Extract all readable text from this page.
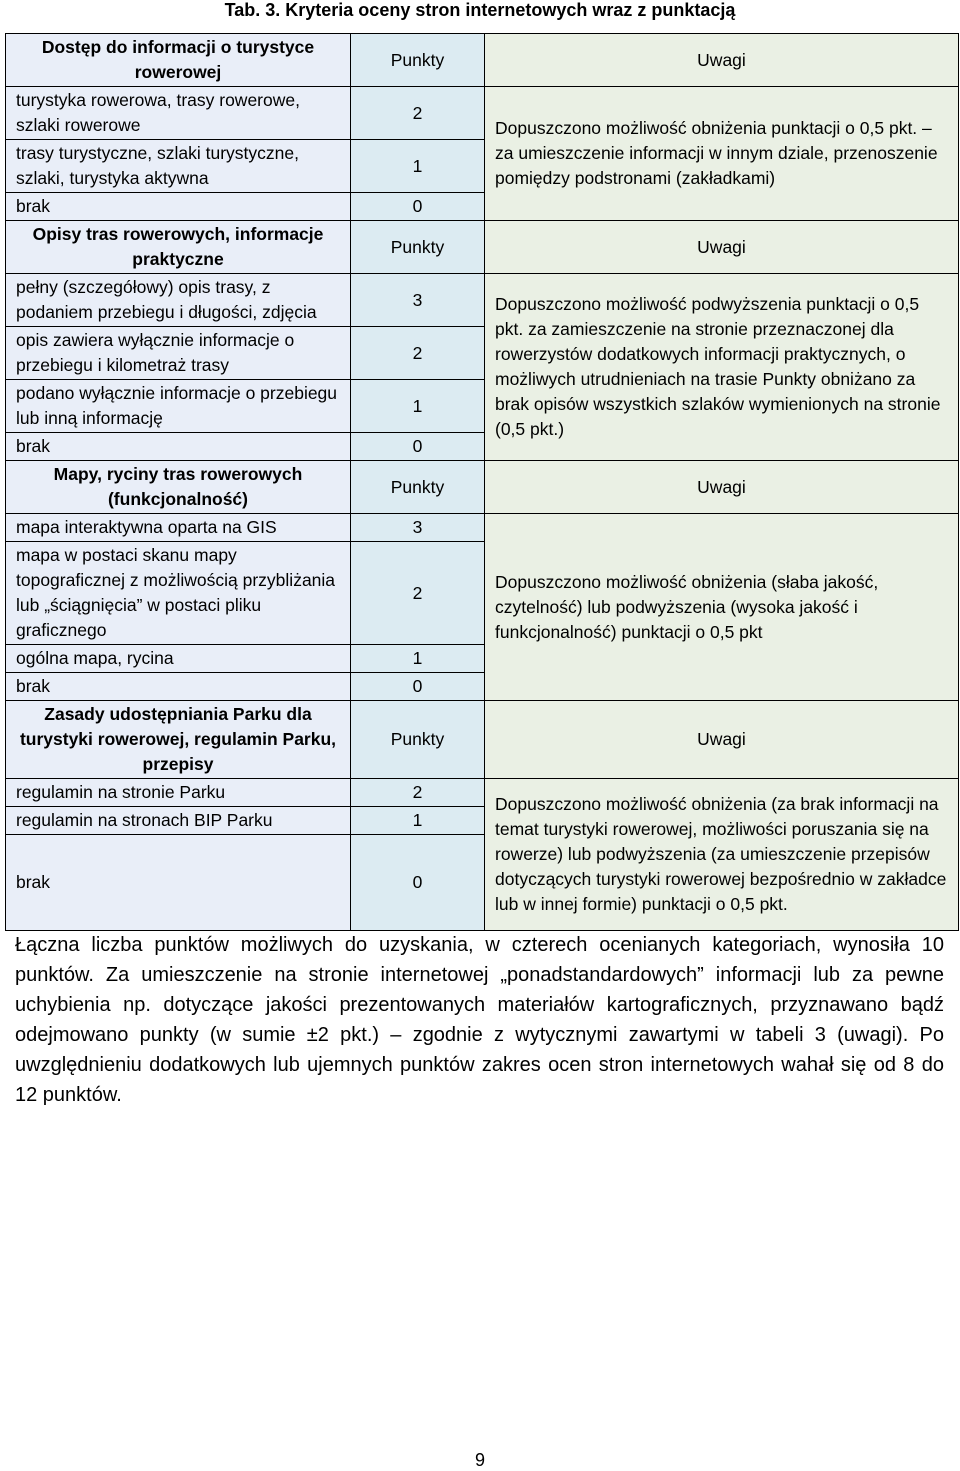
Tab. 3. Kryteria oceny stron internetowych wraz z punktacją
Dostęp do informacji o turystyce rowerowej	Punkty	Uwagi
turystyka rowerowa, trasy rowerowe, szlaki rowerowe	2	Dopuszczono możliwość obniżenia punktacji o 0,5 pkt. – za umieszczenie informacji w innym dziale, przenoszenie pomiędzy podstronami (zakładkami)
trasy turystyczne, szlaki turystyczne, szlaki, turystyka aktywna	1	
brak	0	
Opisy tras rowerowych, informacje praktyczne	Punkty	Uwagi
pełny (szczegółowy) opis trasy, z podaniem przebiegu i długości, zdjęcia	3	Dopuszczono możliwość podwyższenia punktacji o 0,5 pkt. za zamieszczenie na stronie przeznaczonej dla rowerzystów dodatkowych informacji praktycznych, o możliwych utrudnieniach na trasie Punkty obniżano za brak opisów wszystkich szlaków wymienionych na stronie (0,5 pkt.)
opis zawiera wyłącznie informacje o przebiegu i kilometraż trasy	2	
podano wyłącznie informacje o przebiegu lub inną informację	1	
brak	0	
Mapy, ryciny tras rowerowych (funkcjonalność)	Punkty	Uwagi
mapa interaktywna oparta na GIS	3	Dopuszczono możliwość obniżenia (słaba jakość, czytelność) lub podwyższenia (wysoka jakość i funkcjonalność) punktacji o 0,5 pkt
mapa w postaci skanu mapy topograficznej z możliwością przybliżania lub „ściągnięcia” w postaci pliku graficznego	2	
ogólna mapa, rycina	1	
brak	0	
Zasady udostępniania Parku dla turystyki rowerowej, regulamin Parku, przepisy	Punkty	Uwagi
regulamin na stronie Parku	2	Dopuszczono możliwość obniżenia (za brak informacji na temat turystyki rowerowej, możliwości poruszania się na rowerze) lub podwyższenia (za umieszczenie przepisów dotyczących turystyki rowerowej bezpośrednio w zakładce lub w innej formie) punktacji o 0,5 pkt.
regulamin na stronach BIP Parku	1	
brak	0	
Łączna liczba punktów możliwych do uzyskania, w czterech ocenianych kategoriach, wynosiła 10 punktów. Za umieszczenie na stronie internetowej „ponadstandardowych” informacji lub za pewne uchybienia np. dotyczące jakości prezentowanych materiałów kartograficznych, przyznawano bądź odejmowano punkty (w sumie ±2 pkt.) – zgodnie z wytycznymi zawartymi w tabeli 3 (uwagi). Po uwzględnieniu dodatkowych lub ujemnych punktów zakres ocen stron internetowych wahał się od 8 do 12 punktów.
9
